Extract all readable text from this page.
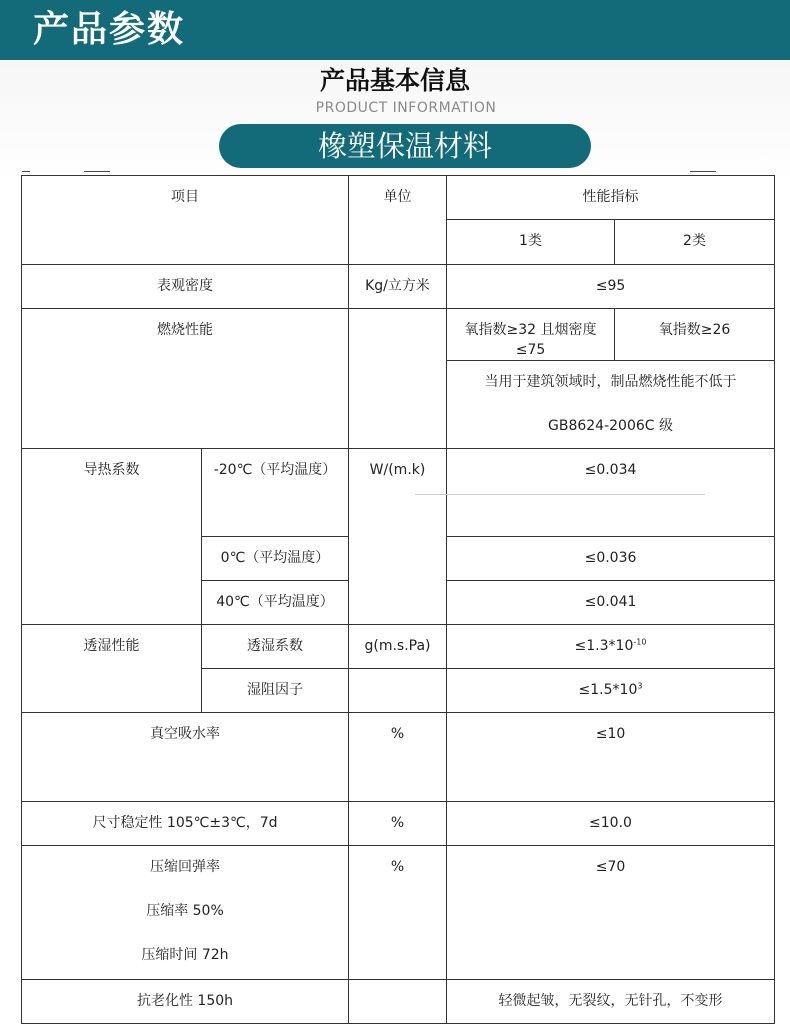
产品参数
产品基本信息
PRODUCT INFORMATION
橡塑保温材料
项目		单位	性能指标	
			1类	2类
表观密度		Kg/立方米	≤95	
燃烧性能			氧指数≥32 且烟密度≤75	氧指数≥26

			当用于建筑领域时，制品燃烧性能不低于
GB8624-2006C 级	

导热系数	-20℃（平均温度）	W/(m.k)	≤0.034	
	0℃（平均温度）		≤0.036	
	40℃（平均温度）		≤0.041	
透湿性能	透湿系数	g(m.s.Pa)	$\le 1.3*10^{-10}$
	湿阻因子		$\le 1.5*10^3$
真空吸水率		%	≤10	
尺寸稳定性 105℃±3℃，7d		%	≤10.0	

压缩回弹率
压缩率 50%
压缩时间 72h		%	≤70	
抗老化性 150h			轻微起皱，无裂纹，无针孔，不变形	
